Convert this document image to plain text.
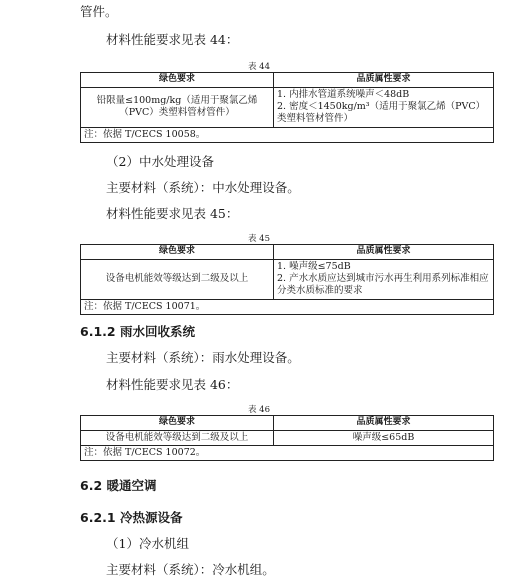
管件。
材料性能要求见表 44：
表 44
绿色要求	品质属性要求
铅限量≤100mg/kg（适用于聚氯乙烯（PVC）类塑料管材管件）	1. 内排水管道系统噪声＜48dB
2. 密度＜1450kg/m³（适用于聚氯乙烯（PVC）类塑料管材管件）

注：依据 T/CECS 10058。	
（2）中水处理设备
主要材料（系统）：中水处理设备。
材料性能要求见表 45：
表 45
绿色要求	品质属性要求
设备电机能效等级达到二级及以上	1. 噪声级≤75dB
2. 产水水质应达到城市污水再生利用系列标准相应分类水质标准的要求

注：依据 T/CECS 10071。	
6.1.2 雨水回收系统
主要材料（系统）：雨水处理设备。
材料性能要求见表 46：
表 46
绿色要求	品质属性要求
设备电机能效等级达到二级及以上	噪声级≤65dB
注：依据 T/CECS 10072。	
6.2 暖通空调
6.2.1 冷热源设备
（1）冷水机组
主要材料（系统）：冷水机组。
